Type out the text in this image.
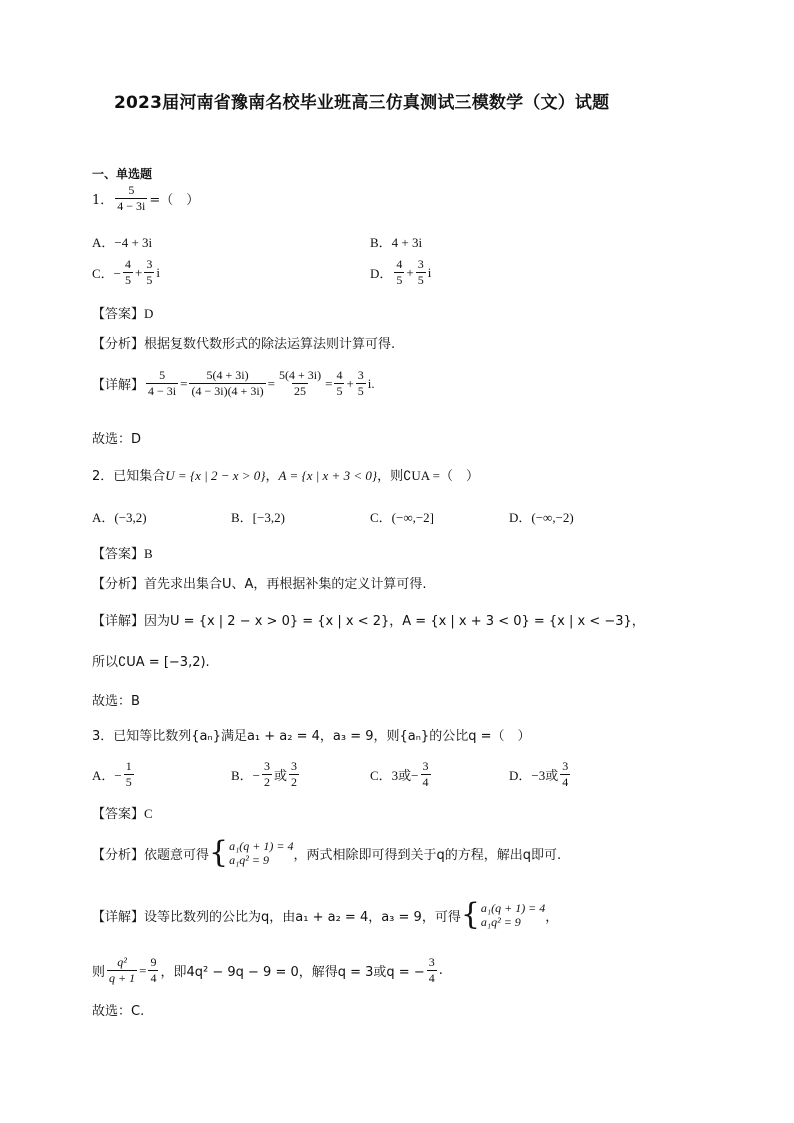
2023届河南省豫南名校毕业班高三仿真测试三模数学（文）试题
一、单选题
1． $\frac{5}{4 - 3i}$ =（　）
A．−4 + 3i	B．4 + 3i
C．− $\frac{4}{5} + \frac{3}{5}$ i	D． $\frac{4}{5} + \frac{3}{5}$ i
【答案】D
【分析】根据复数代数形式的除法运算法则计算可得.
【详解】 $\frac{5}{4 - 3i} = \frac{5(4 + 3i)}{(4 - 3i)(4 + 3i)} = \frac{5(4 + 3i)}{25} = \frac{4}{5} + \frac{3}{5} i$.
故选：D
2．已知集合U = {x | 2 − x > 0}，A = {x | x + 3 < 0}，则∁UA =（　）
A．(−3,2)	B．[−3,2)	C．(−∞,−2]	D．(−∞,−2)
【答案】B
【分析】首先求出集合U、A，再根据补集的定义计算可得.
【详解】因为U = {x | 2 − x > 0} = {x | x < 2}，A = {x | x + 3 < 0} = {x | x < −3}，
所以∁UA = [−3,2).
故选：B
3．已知等比数列{aₙ}满足a₁ + a₂ = 4，a₃ = 9，则{aₙ}的公比q =（　）
A．− $\frac{1}{5}$	B．− $\frac{3}{2}$ 或 $\frac{3}{2}$	C．3或− $\frac{3}{4}$	D．−3或 $\frac{3}{4}$
【答案】C
【分析】 依题意可得 { a₁(q + 1) = 4
a₁q² = 9	，两式相除即可得到关于q的方程，解出q即可.
【详解】 设等比数列的公比为q，由a₁ + a₂ = 4，a₃ = 9，可得 { a₁(q + 1) = 4
a₁q² = 9	，
则 $\frac{\text{q²}}{q + 1} = \frac{9}{4}$ ，即4q² − 9q − 9 = 0，解得q = 3或q = − $\frac{3}{4}$ .
故选：C.
